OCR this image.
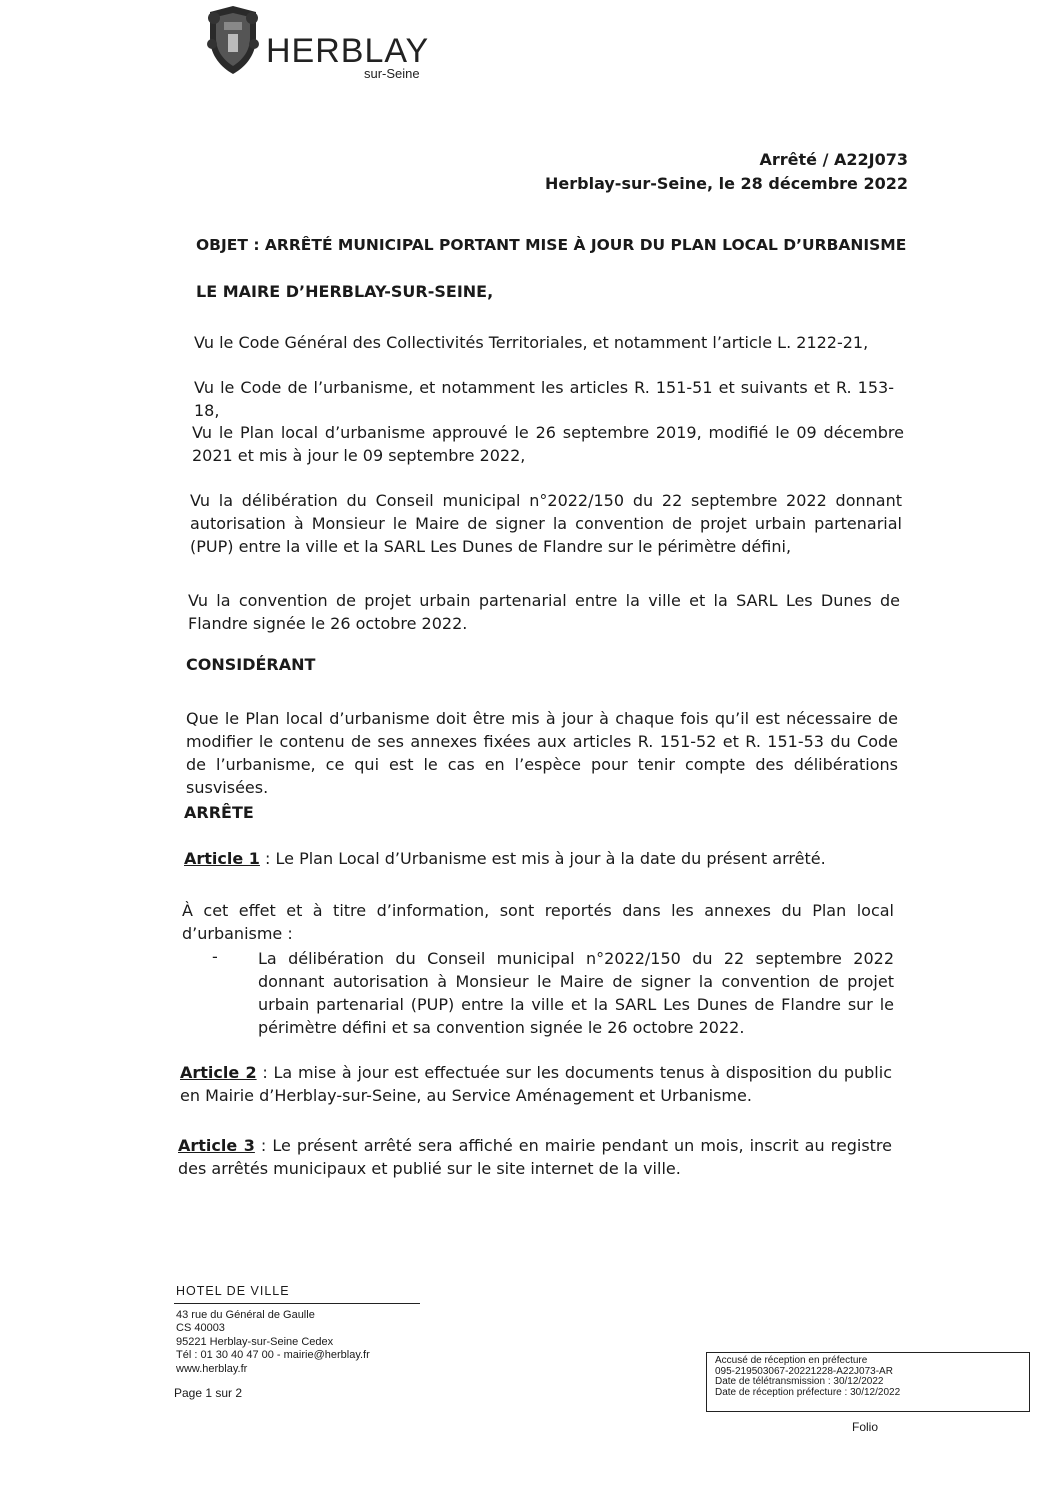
HERBLAY
sur-Seine
Arrêté / A22J073
Herblay-sur-Seine, le 28 décembre 2022
OBJET : ARRÊTÉ MUNICIPAL PORTANT MISE À JOUR DU PLAN LOCAL D’URBANISME
LE MAIRE D’HERBLAY-SUR-SEINE,
Vu le Code Général des Collectivités Territoriales, et notamment l’article L. 2122-21,
Vu le Code de l’urbanisme, et notamment les articles R. 151-51 et suivants et R. 153-18,
Vu le Plan local d’urbanisme approuvé le 26 septembre 2019, modifié le 09 décembre 2021 et mis à jour le 09 septembre 2022,
Vu la délibération du Conseil municipal n°2022/150 du 22 septembre 2022 donnant autorisation à Monsieur le Maire de signer la convention de projet urbain partenarial (PUP) entre la ville et la SARL Les Dunes de Flandre sur le périmètre défini,
Vu la convention de projet urbain partenarial entre la ville et la SARL Les Dunes de Flandre signée le 26 octobre 2022.
CONSIDÉRANT
Que le Plan local d’urbanisme doit être mis à jour à chaque fois qu’il est nécessaire de modifier le contenu de ses annexes fixées aux articles R. 151-52 et R. 151-53 du Code de l’urbanisme, ce qui est le cas en l’espèce pour tenir compte des délibérations susvisées.
ARRÊTE
Article 1 : Le Plan Local d’Urbanisme est mis à jour à la date du présent arrêté.
À cet effet et à titre d’information, sont reportés dans les annexes du Plan local d’urbanisme :
-	La délibération du Conseil municipal n°2022/150 du 22 septembre 2022 donnant autorisation à Monsieur le Maire de signer la convention de projet urbain partenarial (PUP) entre la ville et la SARL Les Dunes de Flandre sur le périmètre défini et sa convention signée le 26 octobre 2022.
Article 2 : La mise à jour est effectuée sur les documents tenus à disposition du public en Mairie d’Herblay-sur-Seine, au Service Aménagement et Urbanisme.
Article 3 : Le présent arrêté sera affiché en mairie pendant un mois, inscrit au registre des arrêtés municipaux et publié sur le site internet de la ville.
HOTEL DE VILLE
43 rue du Général de Gaulle
CS 40003
95221 Herblay-sur-Seine Cedex
Tél : 01 30 40 47 00 - mairie@herblay.fr
www.herblay.fr
Page 1 sur 2
Accusé de réception en préfecture
095-219503067-20221228-A22J073-AR
Date de télétransmission : 30/12/2022
Date de réception préfecture : 30/12/2022
Folio
